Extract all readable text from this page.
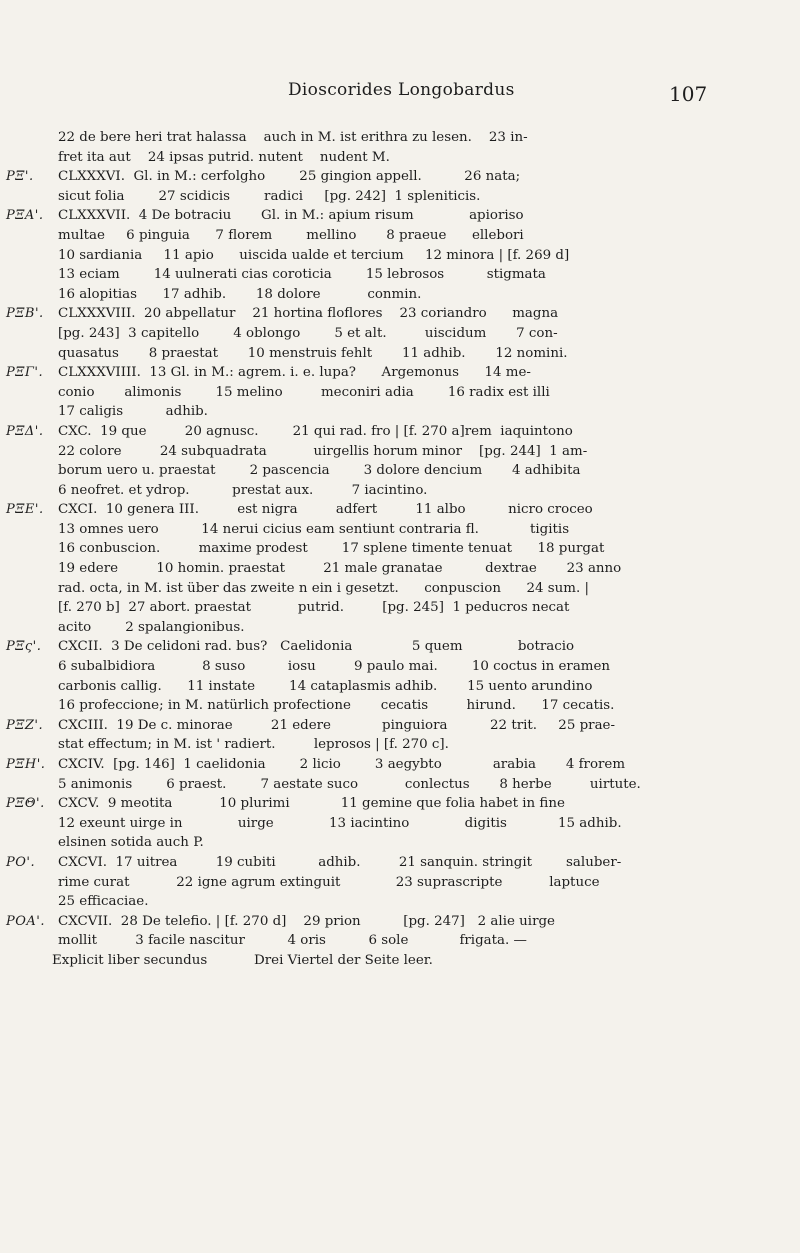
Dioscorides Longobardus	107
22 de bere heri trat halassa    auch in M. ist erithra zu lesen.    23 in-
fret ita aut    24 ipsas putrid. nutent    nudent M.
PΞ'.	CLXXXVI.  Gl. in M.: cerfolgho        25 gingion appell.          26 nata;
sicut folia        27 scidicis        radici     [pg. 242]  1 spleniticis.
PΞA'.	CLXXXVII.  4 De botraciu       Gl. in M.: apium risum             apioriso
multae     6 pinguia      7 florem        mellino       8 praeue      ellebori
10 sardiania     11 apio      uiscida ualde et tercium     12 minora | [f. 269 d]
13 eciam        14 uulnerati cias coroticia        15 lebrosos          stigmata
16 alopitias      17 adhib.       18 dolore           conmin.
PΞB'.	CLXXXVIII.  20 abpellatur    21 hortina floflores    23 coriandro      magna
[pg. 243]  3 capitello        4 oblongo        5 et alt.         uiscidum       7 con-
quasatus       8 praestat       10 menstruis fehlt       11 adhib.       12 nomini.
PΞΓ'.	CLXXXVIIII.  13 Gl. in M.: agrem. i. e. lupa?      Argemonus      14 me-
conio       alimonis        15 melino         meconiri adia        16 radix est illi
17 caligis          adhib.
PΞΔ'.	CXC.  19 que         20 agnusc.        21 qui rad. fro | [f. 270 a]rem  iaquintono
22 colore         24 subquadrata           uirgellis horum minor    [pg. 244]  1 am-
borum uero u. praestat        2 pascencia        3 dolore dencium       4 adhibita
6 neofret. et ydrop.          prestat aux.         7 iacintino.
PΞE'.	CXCI.  10 genera III.         est nigra         adfert         11 albo          nicro croceo
13 omnes uero          14 nerui cicius eam sentiunt contraria fl.            tigitis
16 conbuscion.         maxime prodest        17 splene timente tenuat      18 purgat
19 edere         10 homin. praestat         21 male granatae          dextrae       23 anno
rad. octa, in M. ist über das zweite n ein i gesetzt.      conpuscion      24 sum. |
[f. 270 b]  27 abort. praestat           putrid.         [pg. 245]  1 peducros necat
acito        2 spalangionibus.
PΞς'.	CXCII.  3 De celidoni rad. bus?   Caelidonia              5 quem             botracio
6 subalbidiora           8 suso          iosu         9 paulo mai.        10 coctus in eramen
carbonis callig.      11 instate        14 cataplasmis adhib.       15 uento arundino
16 profeccione; in M. natürlich profectione       cecatis         hirund.      17 cecatis.
PΞZ'.	CXCIII.  19 De c. minorae         21 edere            pinguiora          22 trit.     25 prae-
stat effectum; in M. ist ' radiert.         leprosos | [f. 270 c].
PΞH'. CXCIV.  [pg. 146]  1 caelidonia        2 licio        3 aegybto            arabia       4 frorem
5 animonis        6 praest.        7 aestate suco           conlectus       8 herbe         uirtute.
PΞΘ'. CXCV.  9 meotita           10 plurimi            11 gemine que folia habet in fine
12 exeunt uirge in             uirge             13 iacintino             digitis            15 adhib.
elsinen sotida auch P.
PO'.	CXCVI.  17 uitrea         19 cubiti          adhib.         21 sanquin. stringit        saluber-
rime curat           22 igne agrum extinguit             23 suprascripte           laptuce
25 efficaciae.
POA'. CXCVII.  28 De telefio. | [f. 270 d]    29 prion          [pg. 247]   2 alie uirge
mollit         3 facile nascitur          4 oris          6 sole            frigata. —
Explicit liber secundus           Drei Viertel der Seite leer.
